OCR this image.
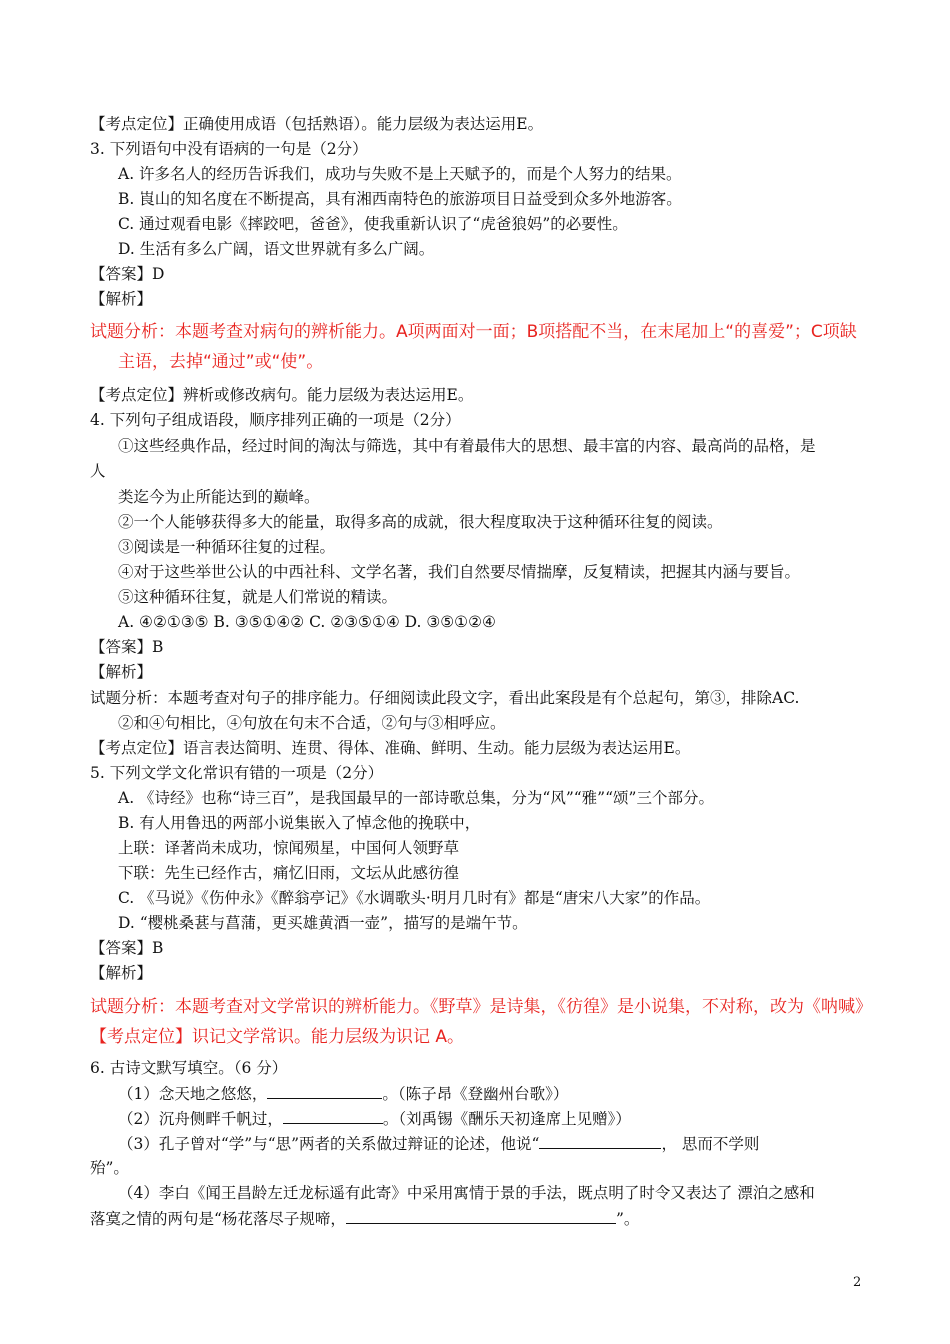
【考点定位】正确使用成语（包括熟语）。能力层级为表达运用E。
3. 下列语句中没有语病的一句是（2分）
A. 许多名人的经历告诉我们，成功与失败不是上天赋予的，而是个人努力的结果。
B. 崀山的知名度在不断提高，具有湘西南特色的旅游项目日益受到众多外地游客。
C. 通过观看电影《摔跤吧，爸爸》，使我重新认识了“虎爸狼妈”的必要性。
D. 生活有多么广阔，语文世界就有多么广阔。
【答案】D
【解析】
试题分析：本题考查对病句的辨析能力。A项两面对一面；B项搭配不当，在末尾加上“的喜爱”；C项缺
主语，去掉“通过”或“使”。
【考点定位】辨析或修改病句。能力层级为表达运用E。
4. 下列句子组成语段，顺序排列正确的一项是（2分）
①这些经典作品，经过时间的淘汰与筛选，其中有着最伟大的思想、最丰富的内容、最高尚的品格，是
人
类迄今为止所能达到的巅峰。
②一个人能够获得多大的能量，取得多高的成就，很大程度取决于这种循环往复的阅读。
③阅读是一种循环往复的过程。
④对于这些举世公认的中西社科、文学名著，我们自然要尽情揣摩，反复精读，把握其内涵与要旨。
⑤这种循环往复，就是人们常说的精读。
A. ④②①③⑤ B. ③⑤①④② C. ②③⑤①④ D. ③⑤①②④
【答案】B
【解析】
试题分析：本题考查对句子的排序能力。仔细阅读此段文字，看出此案段是有个总起句，第③，排除AC.
②和④句相比，④句放在句末不合适，②句与③相呼应。
【考点定位】语言表达简明、连贯、得体、准确、鲜明、生动。能力层级为表达运用E。
5. 下列文学文化常识有错的一项是（2分）
A. 《诗经》也称“诗三百”，是我国最早的一部诗歌总集，分为“风”“雅”“颂”三个部分。
B. 有人用鲁迅的两部小说集嵌入了悼念他的挽联中，
上联：译著尚未成功，惊闻殒星，中国何人领野草
下联：先生已经作古，痛忆旧雨，文坛从此感彷徨
C. 《马说》《伤仲永》《醉翁亭记》《水调歌头·明月几时有》都是“唐宋八大家”的作品。
D. “樱桃桑葚与菖蒲，更买雄黄酒一壶”，描写的是端午节。
【答案】B
【解析】
试题分析：本题考查对文学常识的辨析能力。《野草》是诗集，《彷徨》是小说集，不对称，改为《呐喊》
【考点定位】识记文学常识。能力层级为识记 A。
6. 古诗文默写填空。（6 分）
（1）念天地之悠悠，	。（陈子昂《登幽州台歌》）
（2）沉舟侧畔千帆过，	。（刘禹锡《酬乐天初逢席上见赠》）
（3）孔子曾对“学”与“思”两者的关系做过辩证的论述，他说“	， 思而不学则
殆”。
（4）李白《闻王昌龄左迁龙标遥有此寄》中采用寓情于景的手法，既点明了时令又表达了 漂泊之感和
落寞之情的两句是“杨花落尽子规啼，	”。
2
